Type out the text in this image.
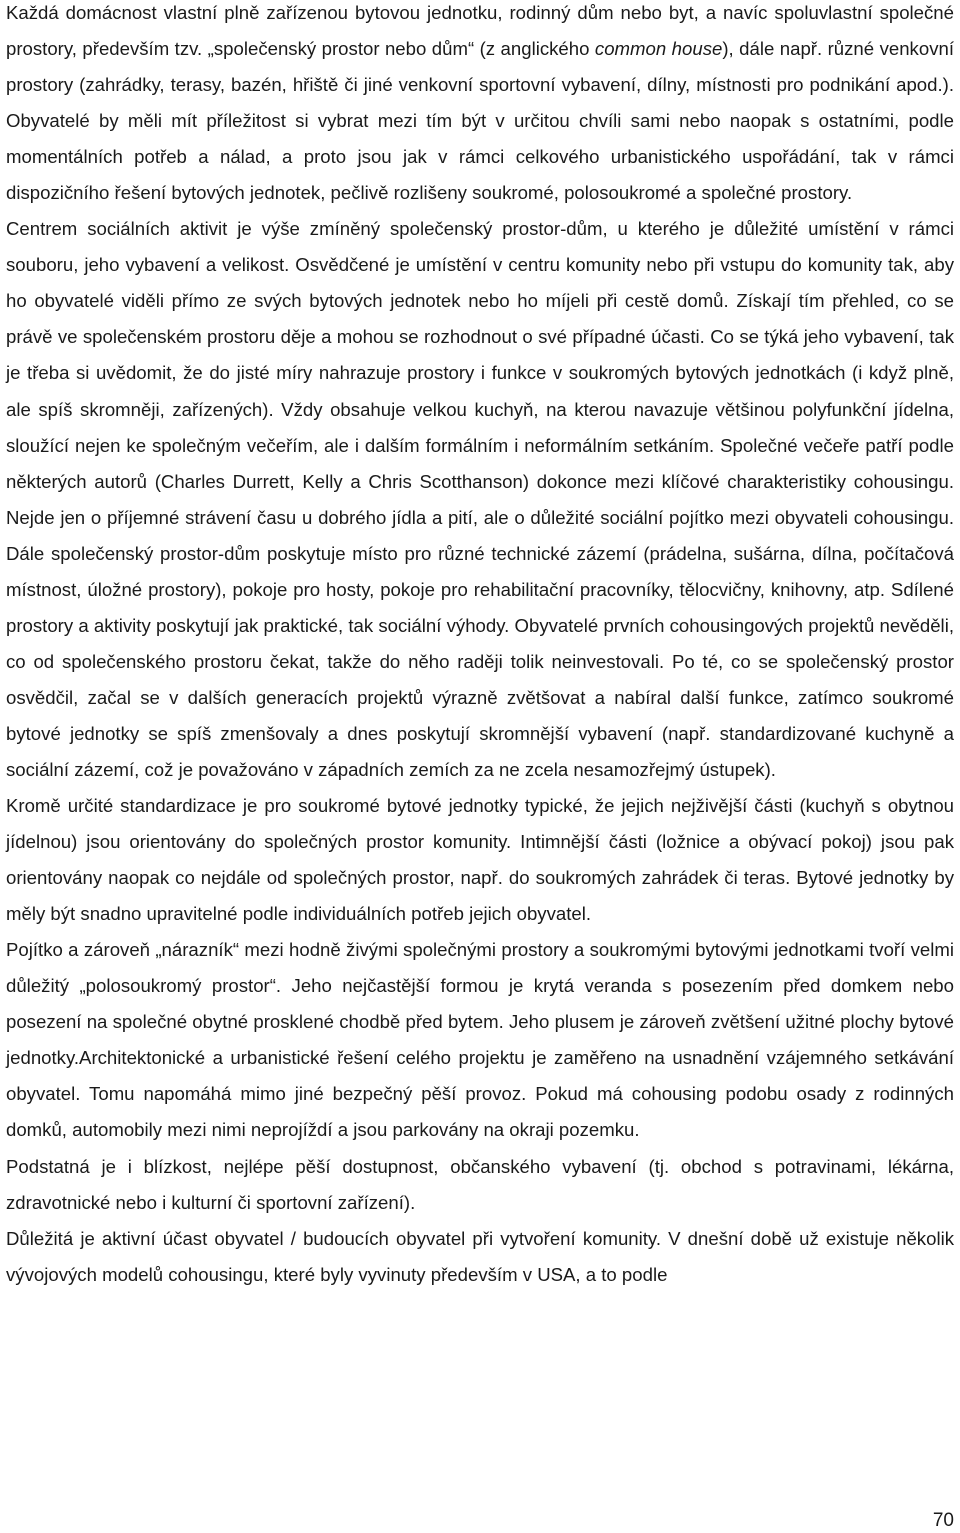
Každá domácnost vlastní plně zařízenou bytovou jednotku, rodinný dům nebo byt, a navíc spoluvlastní společné prostory, především tzv. „společenský prostor nebo dům“ (z anglického common house), dále např. různé venkovní prostory (zahrádky, terasy, bazén, hřiště či jiné venkovní sportovní vybavení, dílny, místnosti pro podnikání apod.). Obyvatelé by měli mít příležitost si vybrat mezi tím být v určitou chvíli sami nebo naopak s ostatními, podle momentálních potřeb a nálad, a proto jsou jak v rámci celkového urbanistického uspořádání, tak v rámci dispozičního řešení bytových jednotek, pečlivě rozlišeny soukromé, polosoukromé a společné prostory.

Centrem sociálních aktivit je výše zmíněný společenský prostor-dům, u kterého je důležité umístění v rámci souboru, jeho vybavení a velikost. Osvědčené je umístění v centru komunity nebo při vstupu do komunity tak, aby ho obyvatelé viděli přímo ze svých bytových jednotek nebo ho míjeli při cestě domů. Získají tím přehled, co se právě ve společenském prostoru děje a mohou se rozhodnout o své případné účasti. Co se týká jeho vybavení, tak je třeba si uvědomit, že do jisté míry nahrazuje prostory i funkce v soukromých bytových jednotkách (i když plně, ale spíš skromněji, zařízených). Vždy obsahuje velkou kuchyň, na kterou navazuje většinou polyfunkční jídelna, sloužící nejen ke společným večeřím, ale i dalším formálním i neformálním setkáním. Společné večeře patří podle některých autorů (Charles Durrett, Kelly a Chris Scotthanson) dokonce mezi klíčové charakteristiky cohousingu. Nejde jen o příjemné strávení času u dobrého jídla a pití, ale o důležité sociální pojítko mezi obyvateli cohousingu. Dále společenský prostor-dům poskytuje místo pro různé technické zázemí (prádelna, sušárna, dílna, počítačová místnost, úložné prostory), pokoje pro hosty, pokoje pro rehabilitační pracovníky, tělocvičny, knihovny, atp. Sdílené prostory a aktivity poskytují jak praktické, tak sociální výhody. Obyvatelé prvních cohousingových projektů nevěděli, co od společenského prostoru čekat, takže do něho raději tolik neinvestovali. Po té, co se společenský prostor osvědčil, začal se v dalších generacích projektů výrazně zvětšovat a nabíral další funkce, zatímco soukromé bytové jednotky se spíš zmenšovaly a dnes poskytují skromnější vybavení (např. standardizované kuchyně a sociální zázemí, což je považováno v západních zemích za ne zcela nesamozřejmý ústupek).

Kromě určité standardizace je pro soukromé bytové jednotky typické, že jejich nejživější části (kuchyň s obytnou jídelnou) jsou orientovány do společných prostor komunity. Intimnější části (ložnice a obývací pokoj) jsou pak orientovány naopak co nejdále od společných prostor, např. do soukromých zahrádek či teras. Bytové jednotky by měly být snadno upravitelné podle individuálních potřeb jejich obyvatel.

Pojítko a zároveň „nárazník“ mezi hodně živými společnými prostory a soukromými bytovými jednotkami tvoří velmi důležitý „polosoukromý prostor“. Jeho nejčastější formou je krytá veranda s posezením před domkem nebo posezení na společné obytné prosklené chodbě před bytem. Jeho plusem je zároveň zvětšení užitné plochy bytové jednotky.Architektonické a urbanistické řešení celého projektu je zaměřeno na usnadnění vzájemného setkávání obyvatel. Tomu napomáhá mimo jiné bezpečný pěší provoz. Pokud má cohousing podobu osady z rodinných domků, automobily mezi nimi neprojíždí a jsou parkovány na okraji pozemku.

Podstatná je i blízkost, nejlépe pěší dostupnost, občanského vybavení (tj. obchod s potravinami, lékárna, zdravotnické nebo i kulturní či sportovní zařízení).

Důležitá je aktivní účast obyvatel / budoucích obyvatel při vytvoření komunity. V dnešní době už existuje několik vývojových modelů cohousingu, které byly vyvinuty především v USA, a to podle

70
